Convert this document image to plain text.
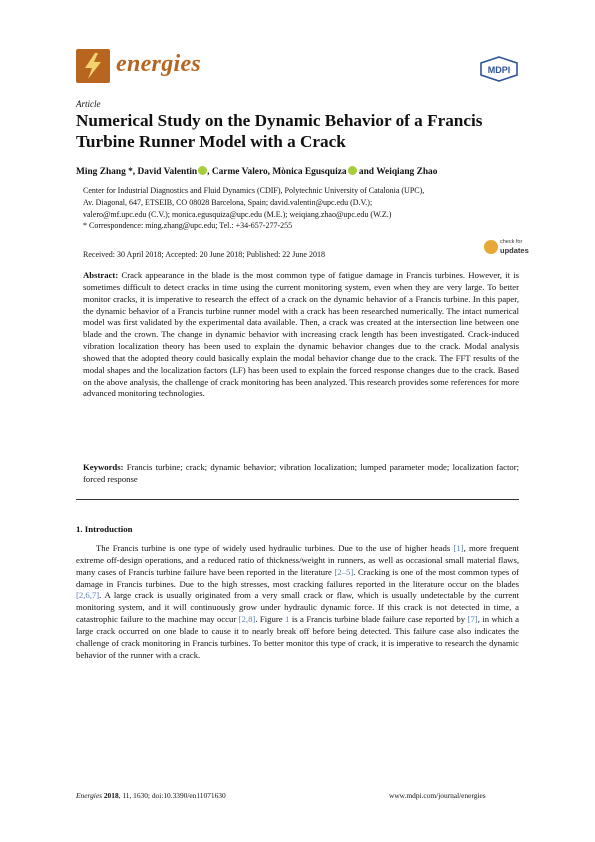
energies	MDPI
Article
Numerical Study on the Dynamic Behavior of a Francis Turbine Runner Model with a Crack
Ming Zhang *, David Valentin , Carme Valero, Mònica Egusquiza and Weiqiang Zhao
Center for Industrial Diagnostics and Fluid Dynamics (CDIF), Polytechnic University of Catalonia (UPC),
Av. Diagonal, 647, ETSEIB, CO 08028 Barcelona, Spain; david.valentin@upc.edu (D.V.);
valero@mf.upc.edu (C.V.); monica.egusquiza@upc.edu (M.E.); weiqiang.zhao@upc.edu (W.Z.)
* Correspondence: ming.zhang@upc.edu; Tel.: +34-657-277-255
Received: 30 April 2018; Accepted: 20 June 2018; Published: 22 June 2018
check for
updates

Abstract: Crack appearance in the blade is the most common type of fatigue damage in Francis turbines. However, it is sometimes difficult to detect cracks in time using the current monitoring system, even when they are very large. To better monitor cracks, it is imperative to research the effect of a crack on the dynamic behavior of a Francis turbine. In this paper, the dynamic behavior of a Francis turbine runner model with a crack has been researched numerically. The intact numerical model was first validated by the experimental data available. Then, a crack was created at the intersection line between one blade and the crown. The change in dynamic behavior with increasing crack length has been investigated. Crack-induced vibration localization theory has been used to explain the dynamic behavior changes due to the crack. Modal analysis showed that the adopted theory could basically explain the modal behavior change due to the crack. The FFT results of the modal shapes and the localization factors (LF) has been used to explain the forced response changes due to the crack. Based on the above analysis, the challenge of crack monitoring has been analyzed. This research provides some references for more advanced monitoring technologies.

Keywords: Francis turbine; crack; dynamic behavior; vibration localization; lumped parameter mode; localization factor; forced response
1. Introduction

The Francis turbine is one type of widely used hydraulic turbines. Due to the use of higher heads [1], more frequent extreme off-design operations, and a reduced ratio of thickness/weight in runners, as well as occasional small material flaws, many cases of Francis turbine failure have been reported in the literature [2–5]. Cracking is one of the most common types of damage in Francis turbines. Due to the high stresses, most cracking failures reported in the literature occur on the blades [2,6,7]. A large crack is usually originated from a very small crack or flaw, which is usually undetectable by the current monitoring system, and it will continuously grow under hydraulic dynamic force. If this crack is not detected in time, a catastrophic failure to the machine may occur [2,8]. Figure 1 is a Francis turbine blade failure case reported by [7], in which a large crack occurred on one blade to cause it to nearly break off before being detected. This failure case also indicates the challenge of crack monitoring in Francis turbines. To better monitor this type of crack, it is imperative to research the dynamic behavior of the runner with a crack.

Energies 2018, 11, 1630; doi:10.3390/en11071630	www.mdpi.com/journal/energies
